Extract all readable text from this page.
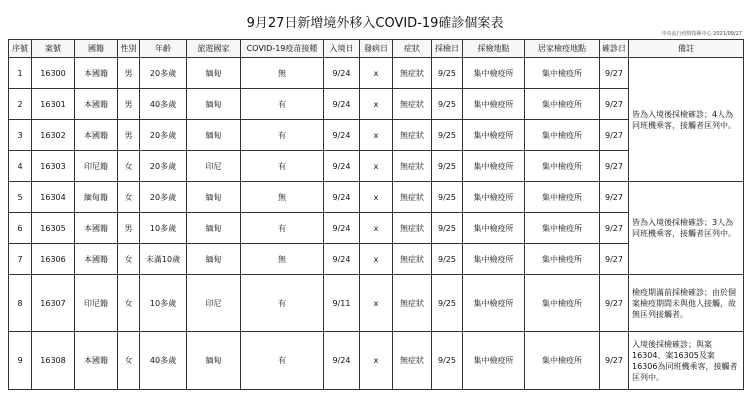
9月27日新增境外移入COVID-19確診個案表
中央流行疫情指揮中心 2021/09/27
序號	案號	國籍	性別	年齡	旅遊國家	COVID-19疫苗接種	入境日	發病日	症狀	採檢日	採檢地點	居家檢疫地點	確診日	備註
1	16300	本國籍	男	20多歲	緬甸	無	9/24	x	無症狀	9/25	集中檢疫所	集中檢疫所	9/27	皆為入境後採檢確診；4人為同班機乘客，接觸者匡列中。
2	16301	本國籍	男	40多歲	緬甸	有	9/24	x	無症狀	9/25	集中檢疫所	集中檢疫所	9/27	
3	16302	本國籍	男	20多歲	緬甸	有	9/24	x	無症狀	9/25	集中檢疫所	集中檢疫所	9/27	
4	16303	印尼籍	女	20多歲	印尼	有	9/24	x	無症狀	9/25	集中檢疫所	集中檢疫所	9/27	
5	16304	緬甸籍	女	20多歲	緬甸	無	9/24	x	無症狀	9/25	集中檢疫所	集中檢疫所	9/27	皆為入境後採檢確診；3人為同班機乘客，接觸者匡列中。
6	16305	本國籍	男	10多歲	緬甸	有	9/24	x	無症狀	9/25	集中檢疫所	集中檢疫所	9/27	
7	16306	本國籍	女	未滿10歲	緬甸	無	9/24	x	無症狀	9/25	集中檢疫所	集中檢疫所	9/27	
8	16307	印尼籍	女	10多歲	印尼	有	9/11	x	無症狀	9/25	集中檢疫所	集中檢疫所	9/27	檢疫期滿前採檢確診；由於個案檢疫期間未與他人接觸，故無匡列接觸者。
9	16308	本國籍	女	40多歲	緬甸	有	9/24	x	無症狀	9/25	集中檢疫所	集中檢疫所	9/27	入境後採檢確診；與案16304、案16305及案16306為同班機乘客，接觸者匡列中。
